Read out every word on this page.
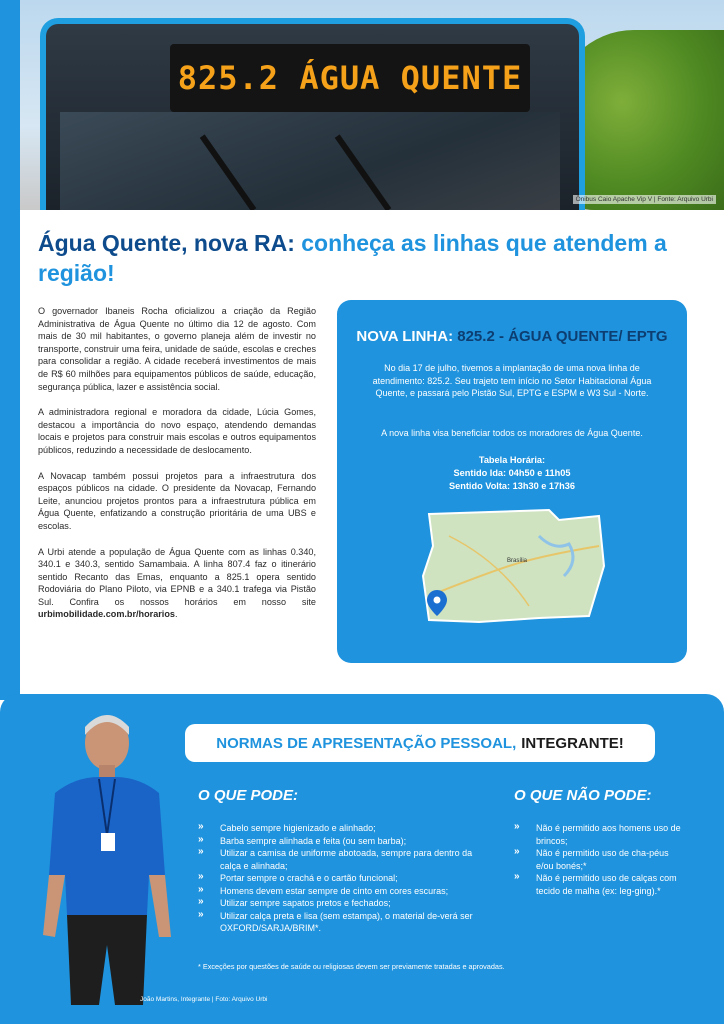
825.2 ÁGUA QUENTE
Ônibus Caio Apache Vip V | Fonte: Arquivo Urbi
Água Quente, nova RA: conheça as linhas que atendem a região!

O governador Ibaneis Rocha oficializou a criação da Região Administrativa de Água Quente no último dia 12 de agosto. Com mais de 30 mil habitantes, o governo planeja além de investir no transporte, construir uma feira, unidade de saúde, escolas e creches para consolidar a região. A cidade receberá investimentos de mais de R$ 60 milhões para equipamentos públicos de saúde, educação, segurança pública, lazer e assistência social.

A administradora regional e moradora da cidade, Lúcia Gomes, destacou a importância do novo espaço, atendendo demandas locais e projetos para construir mais escolas e outros equipamentos públicos, reduzindo a necessidade de deslocamento.

A Novacap também possui projetos para a infraestrutura dos espaços públicos na cidade. O presidente da Novacap, Fernando Leite, anunciou projetos prontos para a infraestrutura pública em Água Quente, enfatizando a construção prioritária de uma UBS e escolas.

A Urbi atende a população de Água Quente com as linhas 0.340, 340.1 e 340.3, sentido Samambaia. A linha 807.4 faz o itinerário sentido Recanto das Emas, enquanto a 825.1 opera sentido Rodoviária do Plano Piloto, via EPNB e a 340.1 trafega via Pistão Sul. Confira os nossos horários em nosso site urbimobilidade.com.br/horarios.

NOVA LINHA: 825.2 - ÁGUA QUENTE/ EPTG
No dia 17 de julho, tivemos a implantação de uma nova linha de atendimento: 825.2. Seu trajeto tem início no Setor Habitacional Água Quente, e passará pelo Pistão Sul, EPTG e ESPM e W3 Sul - Norte.
A nova linha visa beneficiar todos os moradores de Água Quente.
Tabela Horária:
Sentido Ida: 04h50 e 11h05
Sentido Volta: 13h30 e 17h36
Brasília
NORMAS DE APRESENTAÇÃO PESSOAL, INTEGRANTE!
O QUE PODE:
» Cabelo sempre higienizado e alinhado;
» Barba sempre alinhada e feita (ou sem barba);
» Utilizar a camisa de uniforme abotoada, sempre para dentro da calça e alinhada;
» Portar sempre o crachá e o cartão funcional;
» Homens devem estar sempre de cinto em cores escuras;
» Utilizar sempre sapatos pretos e fechados;
» Utilizar calça preta e lisa (sem estampa), o material de-verá ser OXFORD/SARJA/BRIM*.
O QUE NÃO PODE:
» Não é permitido aos homens uso de brincos;
» Não é permitido uso de cha-péus e/ou bonés;*
» Não é permitido uso de calças com tecido de malha (ex: leg-ging).*
* Exceções por questões de saúde ou religiosas devem ser previamente tratadas e aprovadas.
João Martins, Integrante | Foto: Arquivo Urbi
